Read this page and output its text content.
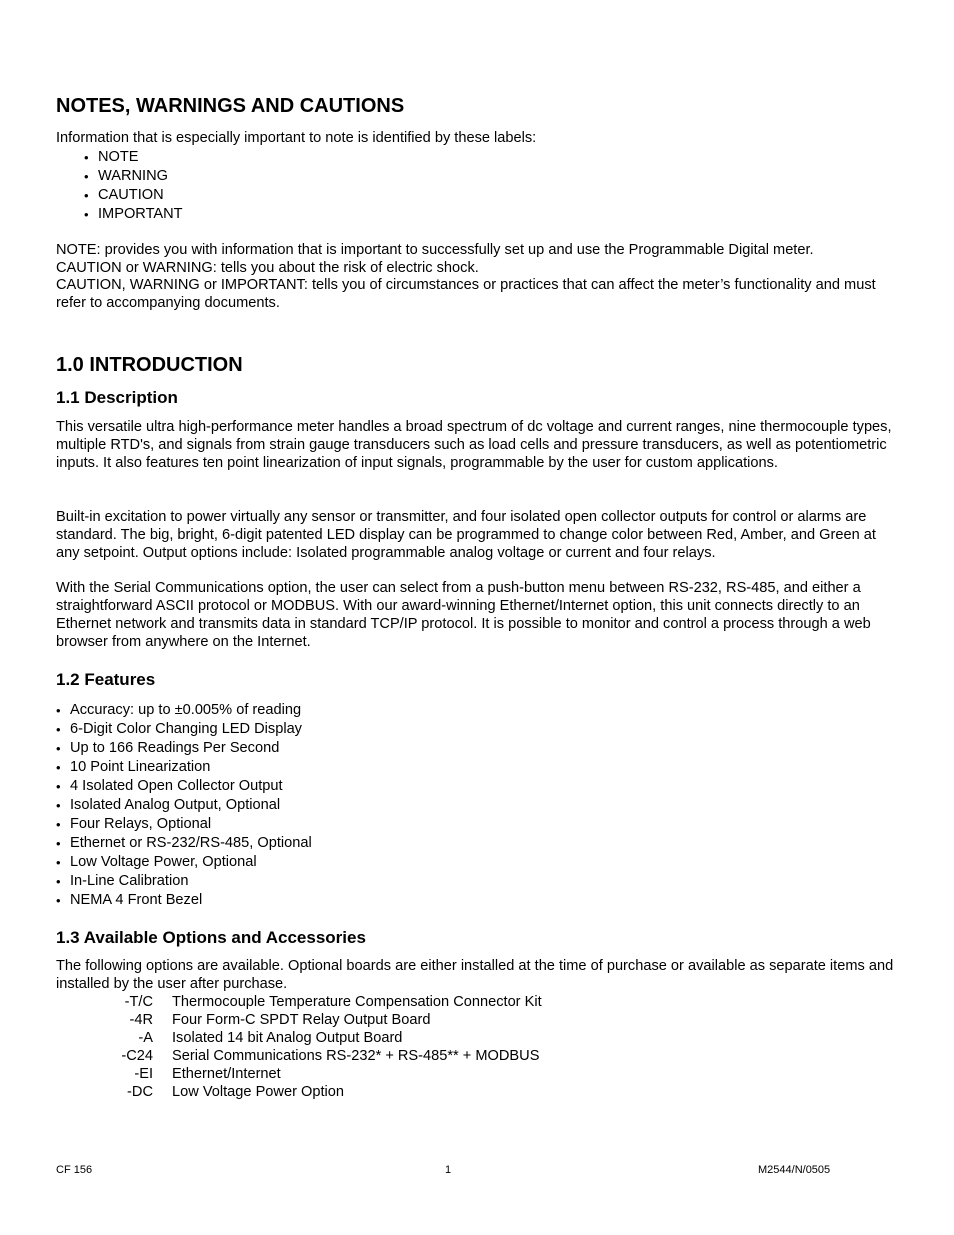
NOTES, WARNINGS AND CAUTIONS

Information that is especially important to note is identified by these labels:

• NOTE
• WARNING
• CAUTION
• IMPORTANT

NOTE: provides you with information that is important to successfully set up and use the Programmable Digital meter.

CAUTION or WARNING: tells you about the risk of electric shock.

CAUTION, WARNING or IMPORTANT: tells you of circumstances or practices that can affect the meter’s functionality and must refer to accompanying documents.

1.0 INTRODUCTION
1.1 Description

This versatile ultra high-performance meter handles a broad spectrum of dc voltage and current ranges, nine thermocouple types, multiple RTD's, and signals from strain gauge transducers such as load cells and pressure transducers, as well as potentiometric inputs. It also features ten point linearization of input signals, programmable by the user for custom applications.

Built-in excitation to power virtually any sensor or transmitter, and four isolated open collector outputs for control or alarms are standard. The big, bright, 6-digit patented LED display can be programmed to change color between Red, Amber, and Green at any setpoint. Output options include: Isolated programmable analog voltage or current and four relays.

With the Serial Communications option, the user can select from a push-button menu between RS-232, RS-485, and either a straightforward ASCII protocol or MODBUS. With our award-winning Ethernet/Internet option, this unit connects directly to an Ethernet network and transmits data in standard TCP/IP protocol. It is possible to monitor and control a process through a web browser from anywhere on the Internet.

1.2 Features
• Accuracy: up to ±0.005% of reading
• 6-Digit Color Changing LED Display
• Up to 166 Readings Per Second
• 10 Point Linearization
• 4 Isolated Open Collector Output
• Isolated Analog Output, Optional
• Four Relays, Optional
• Ethernet or RS-232/RS-485, Optional
• Low Voltage Power, Optional
• In-Line Calibration
• NEMA 4 Front Bezel
1.3 Available Options and Accessories

The following options are available. Optional boards are either installed at the time of purchase or available as separate items and installed by the user after purchase.

-T/C	Thermocouple Temperature Compensation Connector Kit
-4R	Four Form-C SPDT Relay Output Board
-A	Isolated 14 bit Analog Output Board
-C24	Serial Communications RS-232* + RS-485** + MODBUS
-EI	Ethernet/Internet
-DC	Low Voltage Power Option
CF 156	1	M2544/N/0505
